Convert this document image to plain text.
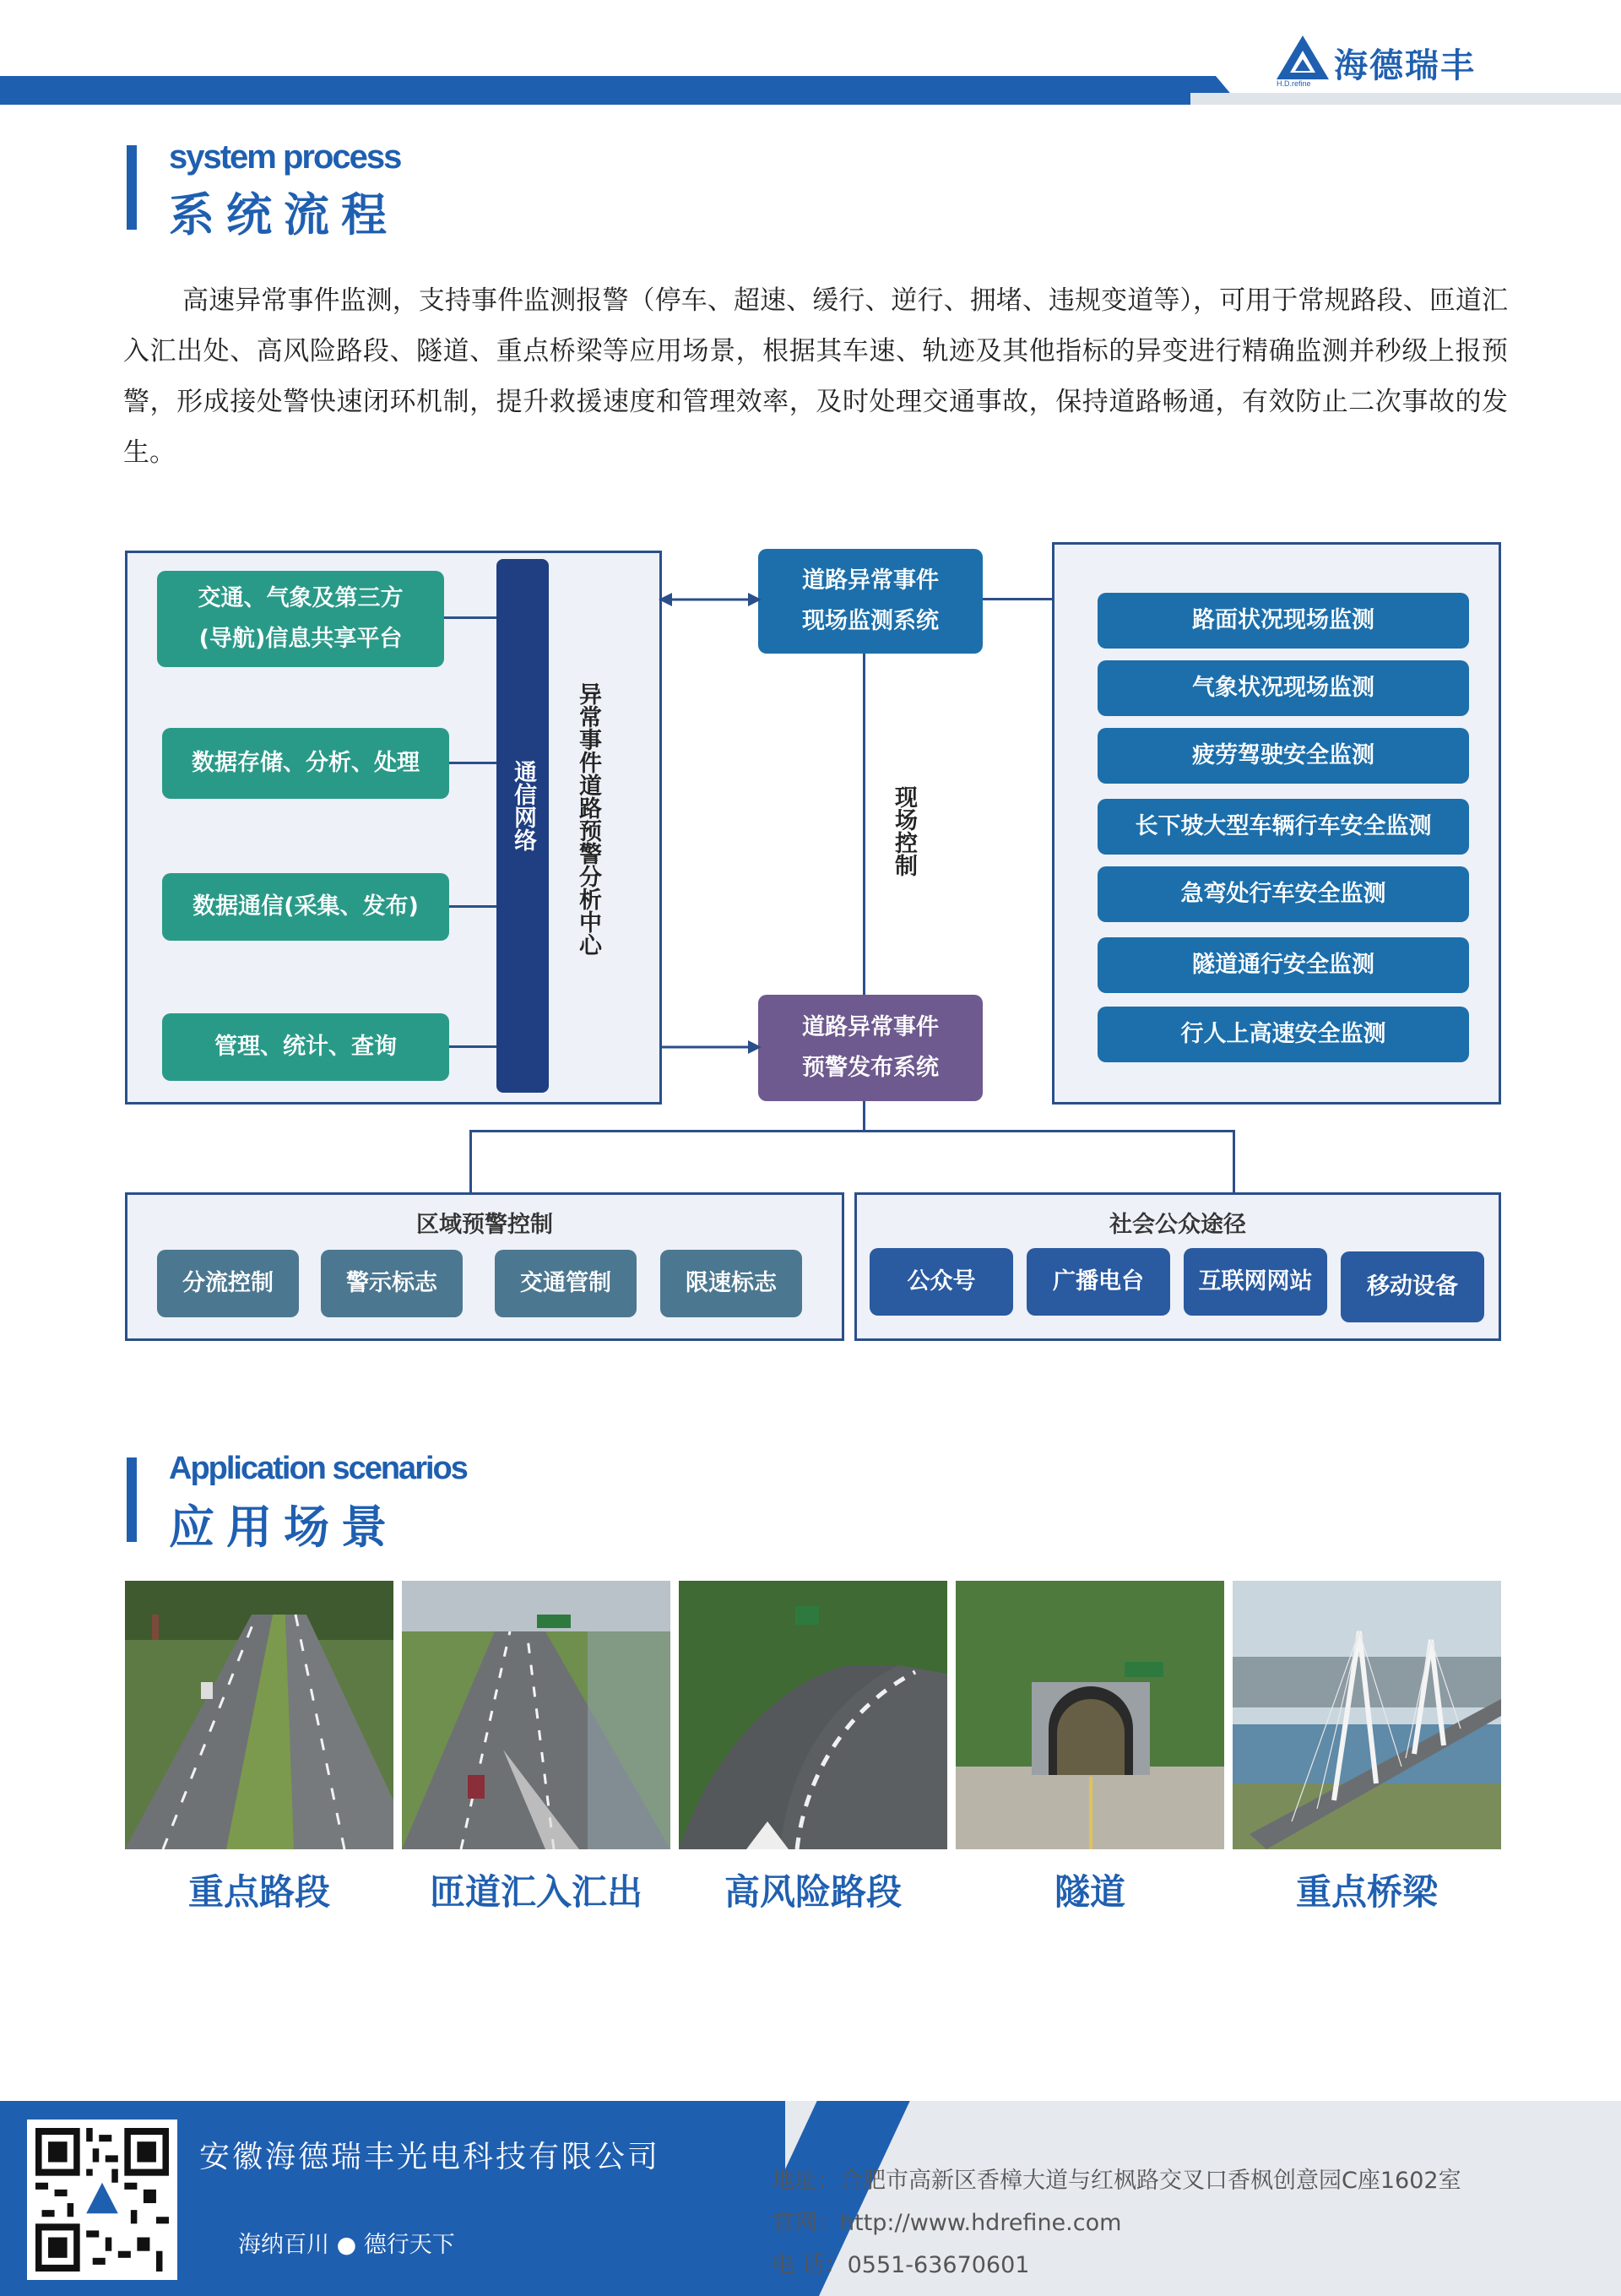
海德瑞丰
H.D.refine
system process
系统流程

高速异常事件监测，支持事件监测报警（停车、超速、缓行、逆行、拥堵、违规变道等），可用于常规路段、匝道汇入汇出处、高风险路段、隧道、重点桥梁等应用场景，根据其车速、轨迹及其他指标的异变进行精确监测并秒级上报预警，形成接处警快速闭环机制，提升救援速度和管理效率，及时处理交通事故，保持道路畅通，有效防止二次事故的发生。

交通、气象及第三方
(导航)信息共享平台
数据存储、分析、处理
数据通信(采集、发布)
管理、统计、查询
通信网络 异常事件道路预警分析中心
道路异常事件
现场监测系统
道路异常事件
预警发布系统
现场控制
路面状况现场监测
气象状况现场监测
疲劳驾驶安全监测
长下坡大型车辆行车安全监测
急弯处行车安全监测
隧道通行安全监测
行人上高速安全监测
区域预警控制
分流控制	警示标志	交通管制	限速标志
社会公众途径
公众号	广播电台 互联网网站 移动设备
Application scenarios
应用场景
重点路段	匝道汇入汇出	高风险路段	隧道	重点桥梁
安徽海德瑞丰光电科技有限公司
海纳百川 ● 德行天下
地址：合肥市高新区香樟大道与红枫路交叉口香枫创意园C座1602室
官网：http://www.hdrefine.com
电 话：0551-63670601
